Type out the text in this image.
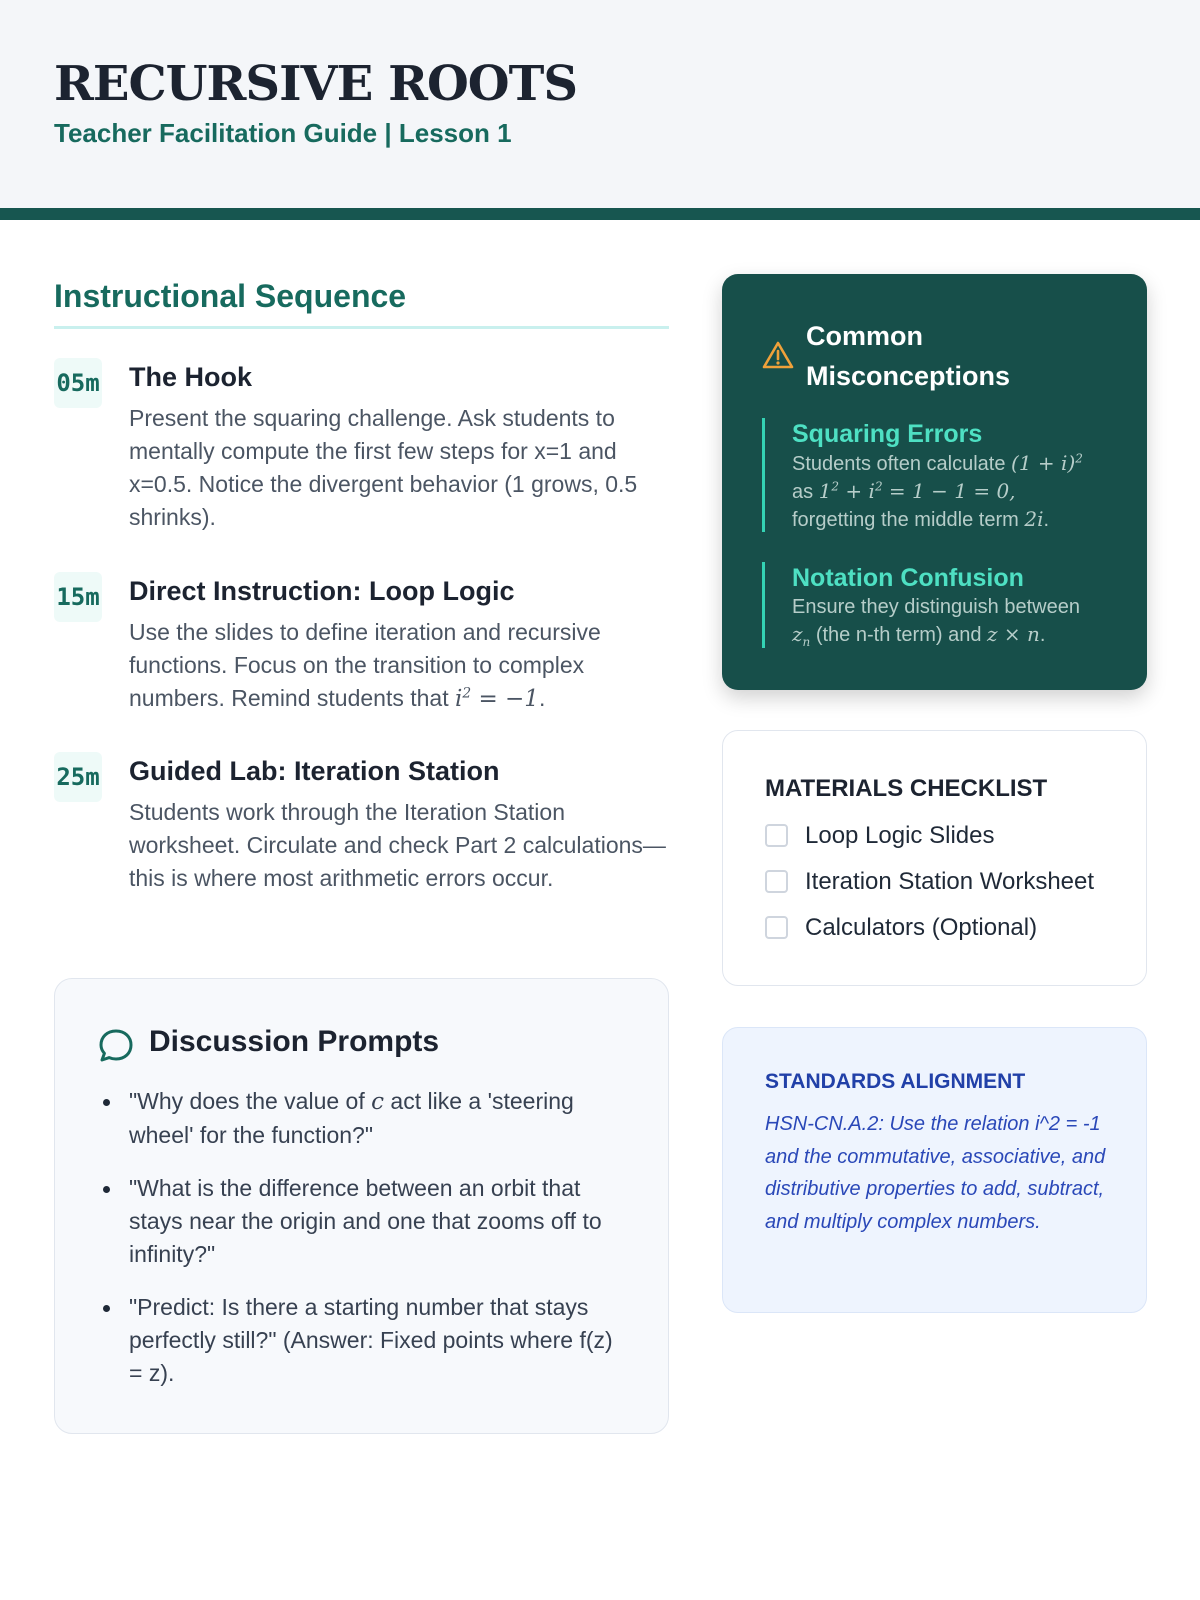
RECURSIVE ROOTS
Teacher Facilitation Guide | Lesson 1
Instructional Sequence
05m The Hook
Present the squaring challenge. Ask students to mentally compute the first few steps for x=1 and x=0.5. Notice the divergent behavior (1 grows, 0.5 shrinks).
15m Direct Instruction: Loop Logic
Use the slides to define iteration and recursive functions. Focus on the transition to complex numbers. Remind students that $i^2 = -1$.
25m Guided Lab: Iteration Station
Students work through the Iteration Station worksheet. Circulate and check Part 2 calculations—this is where most arithmetic errors occur.
Discussion Prompts
"Why does the value of c act like a 'steering wheel' for the function?"
"What is the difference between an orbit that stays near the origin and one that zooms off to infinity?"
"Predict: Is there a starting number that stays perfectly still?" (Answer: Fixed points where f(z) = z).
Common Misconceptions
Squaring Errors
Students often calculate $(1 + i)^2$
as $1^2 + i^2 = 1 - 1 = 0$,
forgetting the middle term 2i.
Notation Confusion
Ensure they distinguish between
$z_n$ (the n-th term) and z × n.
MATERIALS CHECKLIST
Loop Logic Slides
Iteration Station Worksheet
Calculators (Optional)
STANDARDS ALIGNMENT
HSN-CN.A.2: Use the relation i^2 = -1 and the commutative, associative, and distributive properties to add, subtract, and multiply complex numbers.
